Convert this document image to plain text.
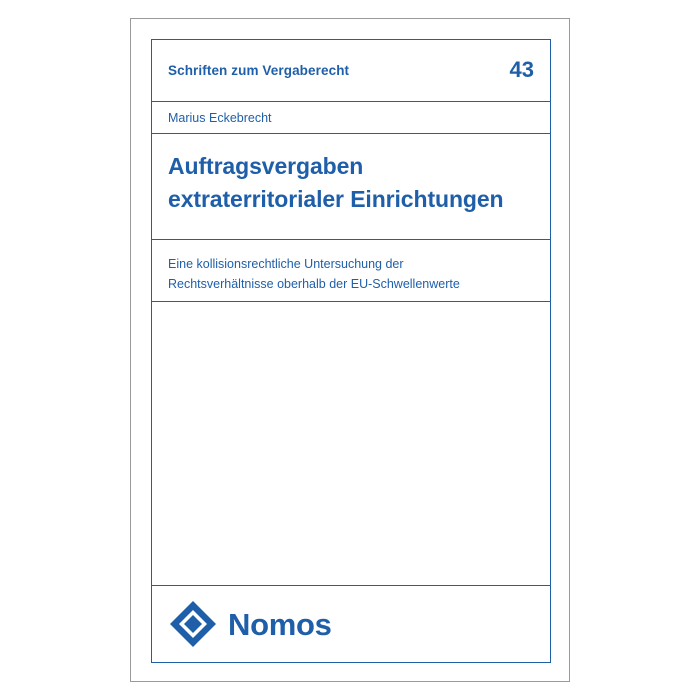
Schriften zum Vergaberecht	43
Marius Eckebrecht
Auftragsvergaben
extraterritorialer Einrichtungen
Eine kollisionsrechtliche Untersuchung der
Rechtsverhältnisse oberhalb der EU-Schwellenwerte
Nomos
